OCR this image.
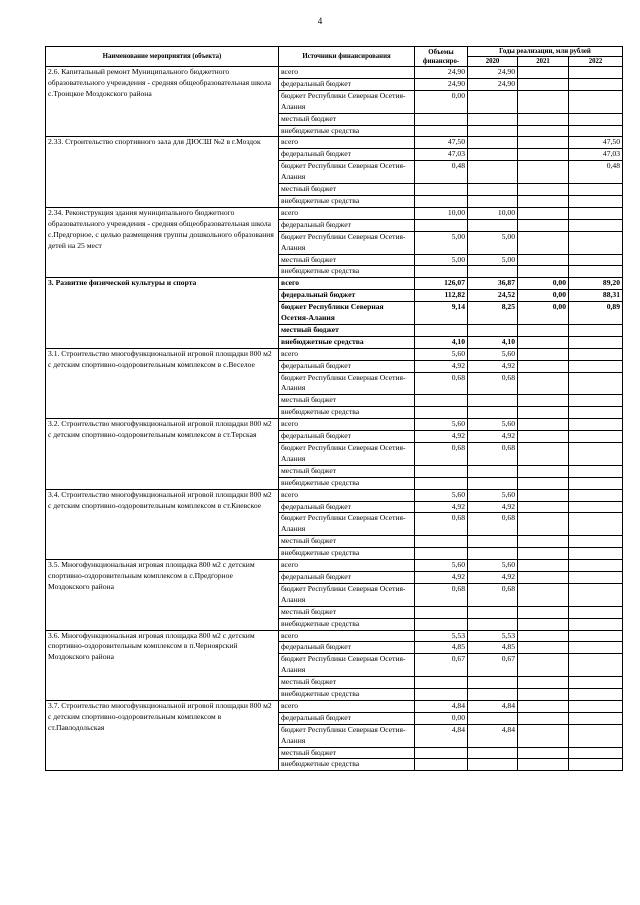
4
Наименование мероприятия (объекта)	Источники финансирования	Объемы финансиро-	Годы реализации, млн рублей		
			2020	2021	2022

2.6. Капитальный ремонт Муниципального бюджетного образовательного учреждения - средняя общеобразовательная школа с.Троицкое Моздокского района	всего	24,90	24,90		
	федеральный бюджет	24,90	24,90		
	бюджет Республики Северная Осетия-Алания	0,00			
	местный бюджет				
	внебюджетные средства				

2.33. Строительство спортивного зала для ДЮСШ №2 в г.Моздок	всего	47,50			47,50
	федеральный бюджет	47,03			47,03
	бюджет Республики Северная Осетия-Алания	0,48			0,48
	местный бюджет				
	внебюджетные средства				

2.34. Реконструкция здания муниципального бюджетного образовательного учреждения - средняя общеобразовательная школа с.Предгорное, с целью размещения группы дошкольного образования детей на 25 мест	всего	10,00	10,00		
	федеральный бюджет				
	бюджет Республики Северная Осетия-Алания	5,00	5,00		
	местный бюджет	5,00	5,00		
	внебюджетные средства				

3. Развитие физической культуры и спорта	всего	126,07	36,87	0,00	89,20
	федеральный бюджет	112,82	24,52	0,00	88,31
	бюджет Республики Северная Осетия-Алания	9,14	8,25	0,00	0,89
	местный бюджет				
	внебюджетные средства	4,10	4,10		

3.1. Строительство многофункциональной игровой площадки 800 м2 с детским спортивно-оздоровительным комплексом в с.Веселое	всего	5,60	5,60		
	федеральный бюджет	4,92	4,92		
	бюджет Республики Северная Осетия-Алания	0,68	0,68		
	местный бюджет				
	внебюджетные средства				

3.2. Строительство многофункциональной игровой площадки 800 м2 с детским спортивно-оздоровительным комплексом в ст.Терская	всего	5,60	5,60		
	федеральный бюджет	4,92	4,92		
	бюджет Республики Северная Осетия-Алания	0,68	0,68		
	местный бюджет				
	внебюджетные средства				

3.4. Строительство многофункциональной игровой площадки 800 м2 с детским спортивно-оздоровительным комплексом в ст.Киевское	всего	5,60	5,60		
	федеральный бюджет	4,92	4,92		
	бюджет Республики Северная Осетия-Алания	0,68	0,68		
	местный бюджет				
	внебюджетные средства				

3.5. Многофункциональная игровая площадка 800 м2 с детским спортивно-оздоровительным комплексом в с.Предгорное Моздокского района	всего	5,60	5,60		
	федеральный бюджет	4,92	4,92		
	бюджет Республики Северная Осетия-Алания	0,68	0,68		
	местный бюджет				
	внебюджетные средства				

3.6. Многофункциональная игровая площадка 800 м2 с детским спортивно-оздоровительным комплексом в п.Черноярский Моздокского района	всего	5,53	5,53		
	федеральный бюджет	4,85	4,85		
	бюджет Республики Северная Осетия-Алания	0,67	0,67		
	местный бюджет				
	внебюджетные средства				

3.7. Строительство многофункциональной игровой площадки 800 м2 с детским спортивно-оздоровительным комплексом в ст.Павлодольская	всего	4,84	4,84		
	федеральный бюджет	0,00			
	бюджет Республики Северная Осетия-Алания	4,84	4,84		
	местный бюджет				
	внебюджетные средства				
